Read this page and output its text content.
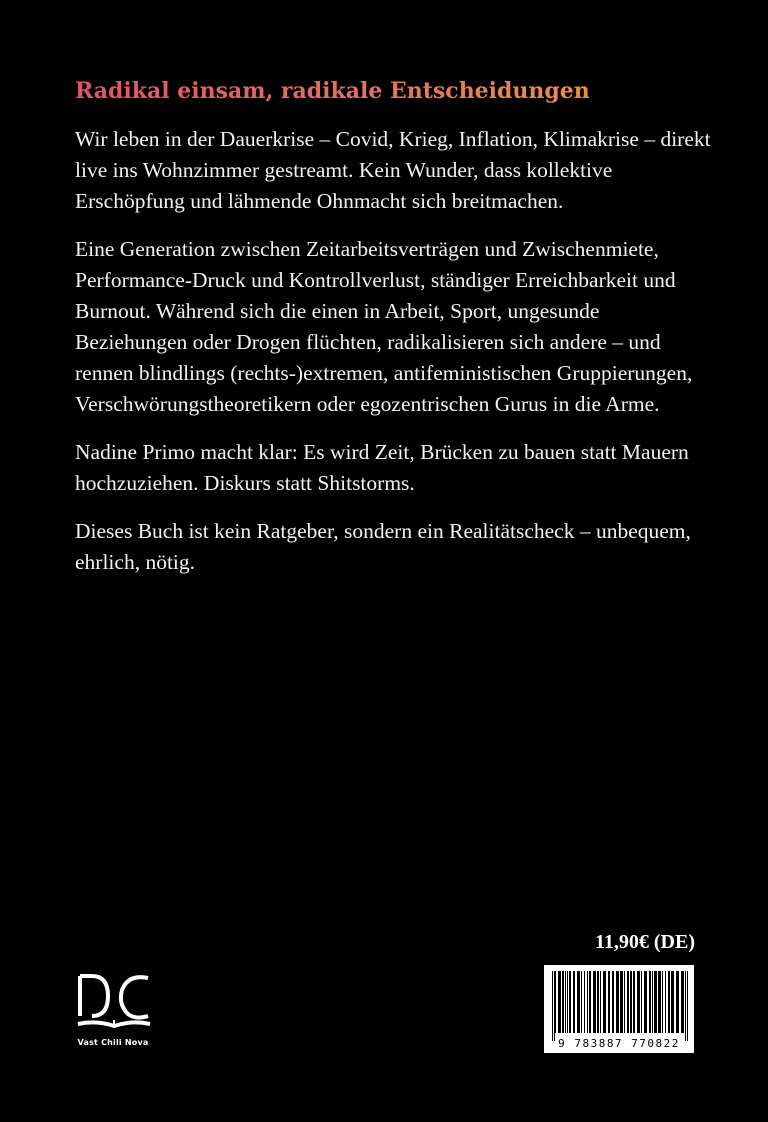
Radikal einsam, radikale Entscheidungen

Wir leben in der Dauerkrise – Covid, Krieg, Inflation, Klimakrise – direkt live ins Wohnzimmer gestreamt. Kein Wunder, dass kollektive Erschöpfung und lähmende Ohnmacht sich breitmachen.

Eine Generation zwischen Zeitarbeitsverträgen und Zwischenmiete, Performance-Druck und Kontrollverlust, ständiger Erreichbarkeit und Burnout. Während sich die einen in Arbeit, Sport, ungesunde Beziehungen oder Drogen flüchten, radikalisieren sich andere – und rennen blindlings (rechts-)extremen, antifeministischen Gruppierungen, Verschwörungstheoretikern oder egozentrischen Gurus in die Arme.

Nadine Primo macht klar: Es wird Zeit, Brücken zu bauen statt Mauern hochzuziehen. Diskurs statt Shitstorms.

Dieses Buch ist kein Ratgeber, sondern ein Realitätscheck – unbequem, ehrlich, nötig.

Vast Chili Nova
11,90€ (DE)
9 783887 770822
